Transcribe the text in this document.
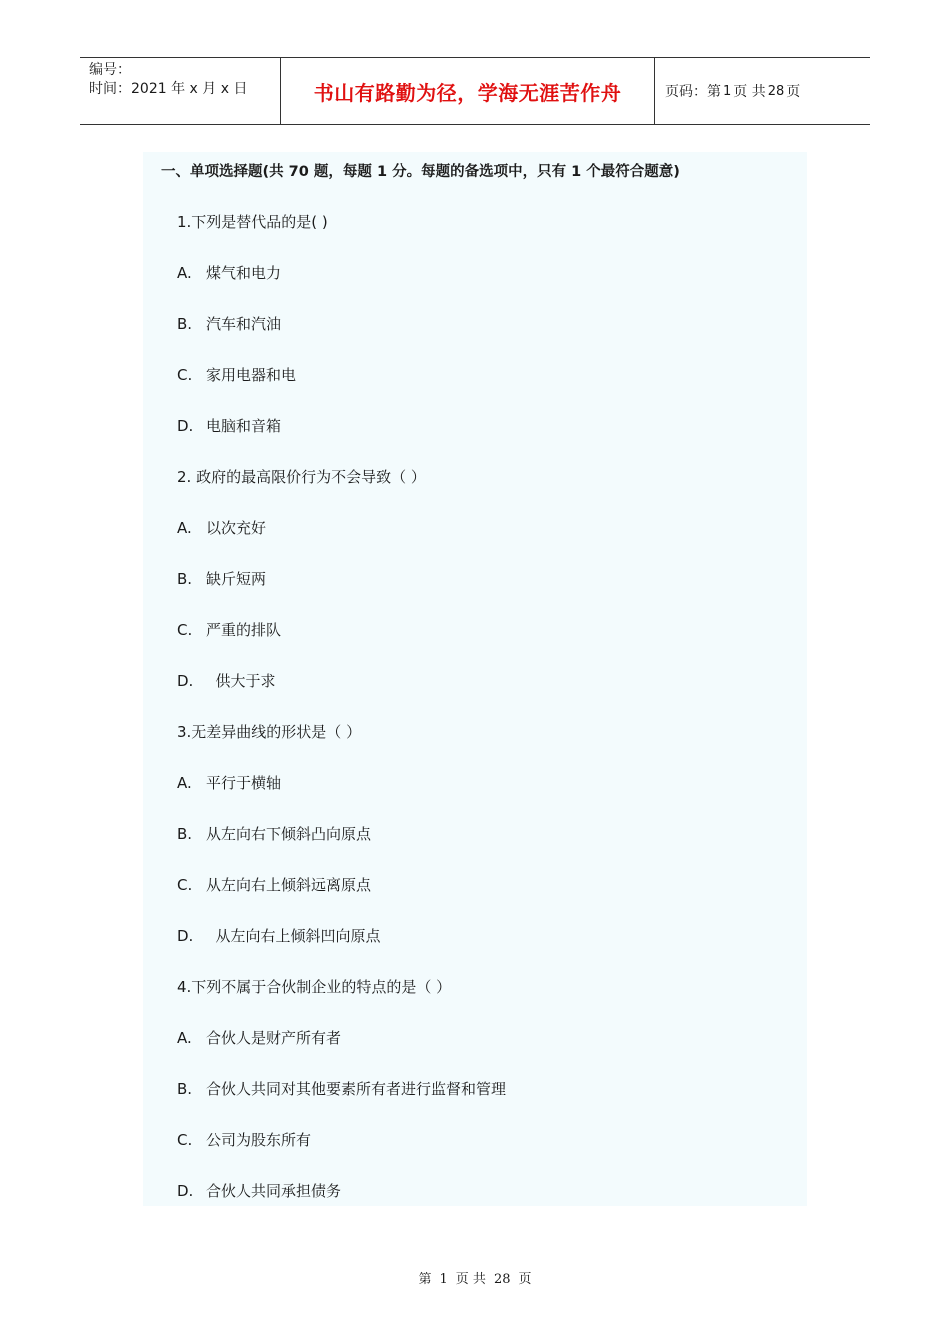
编号：
时间：2021 年 x 月 x 日	书山有路勤为径，学海无涯苦作舟	页码：第 1 页 共 28 页
一、单项选择题(共 70 题，每题 1 分。每题的备选项中，只有 1 个最符合题意)
1.下列是替代品的是( )
A. 煤气和电力
B. 汽车和汽油
C. 家用电器和电
D. 电脑和音箱
2. 政府的最高限价行为不会导致（ ）
A. 以次充好
B. 缺斤短两
C. 严重的排队
D.  供大于求
3.无差异曲线的形状是（ ）
A. 平行于横轴
B. 从左向右下倾斜凸向原点
C. 从左向右上倾斜远离原点
D.  从左向右上倾斜凹向原点
4.下列不属于合伙制企业的特点的是（ ）
A. 合伙人是财产所有者
B. 合伙人共同对其他要素所有者进行监督和管理
C. 公司为股东所有
D. 合伙人共同承担债务
第 1 页 共 28 页
